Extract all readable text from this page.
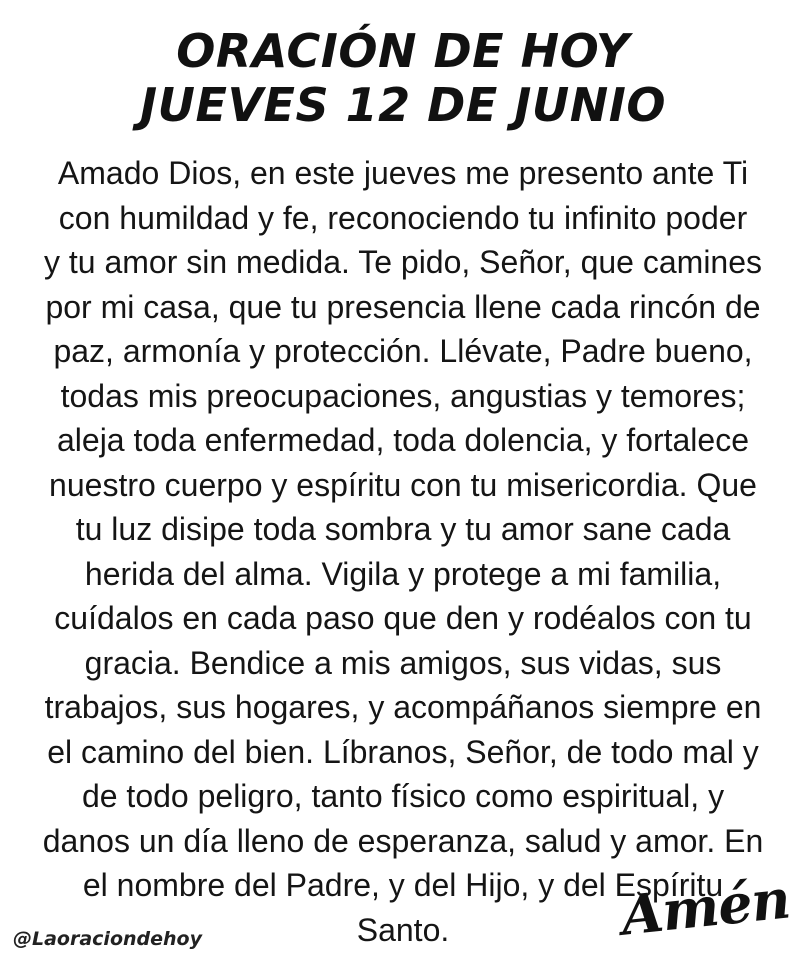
ORACIÓN DE HOY
JUEVES 12 DE JUNIO
Amado Dios, en este jueves me presento ante Ti
con humildad y fe, reconociendo tu infinito poder
y tu amor sin medida. Te pido, Señor, que camines
por mi casa, que tu presencia llene cada rincón de
paz, armonía y protección. Llévate, Padre bueno,
todas mis preocupaciones, angustias y temores;
aleja toda enfermedad, toda dolencia, y fortalece
nuestro cuerpo y espíritu con tu misericordia. Que
tu luz disipe toda sombra y tu amor sane cada
herida del alma. Vigila y protege a mi familia,
cuídalos en cada paso que den y rodéalos con tu
gracia. Bendice a mis amigos, sus vidas, sus
trabajos, sus hogares, y acompáñanos siempre en
el camino del bien. Líbranos, Señor, de todo mal y
de todo peligro, tanto físico como espiritual, y
danos un día lleno de esperanza, salud y amor. En
el nombre del Padre, y del Hijo, y del Espíritu
Santo.
@Laoraciondehoy	Amén
